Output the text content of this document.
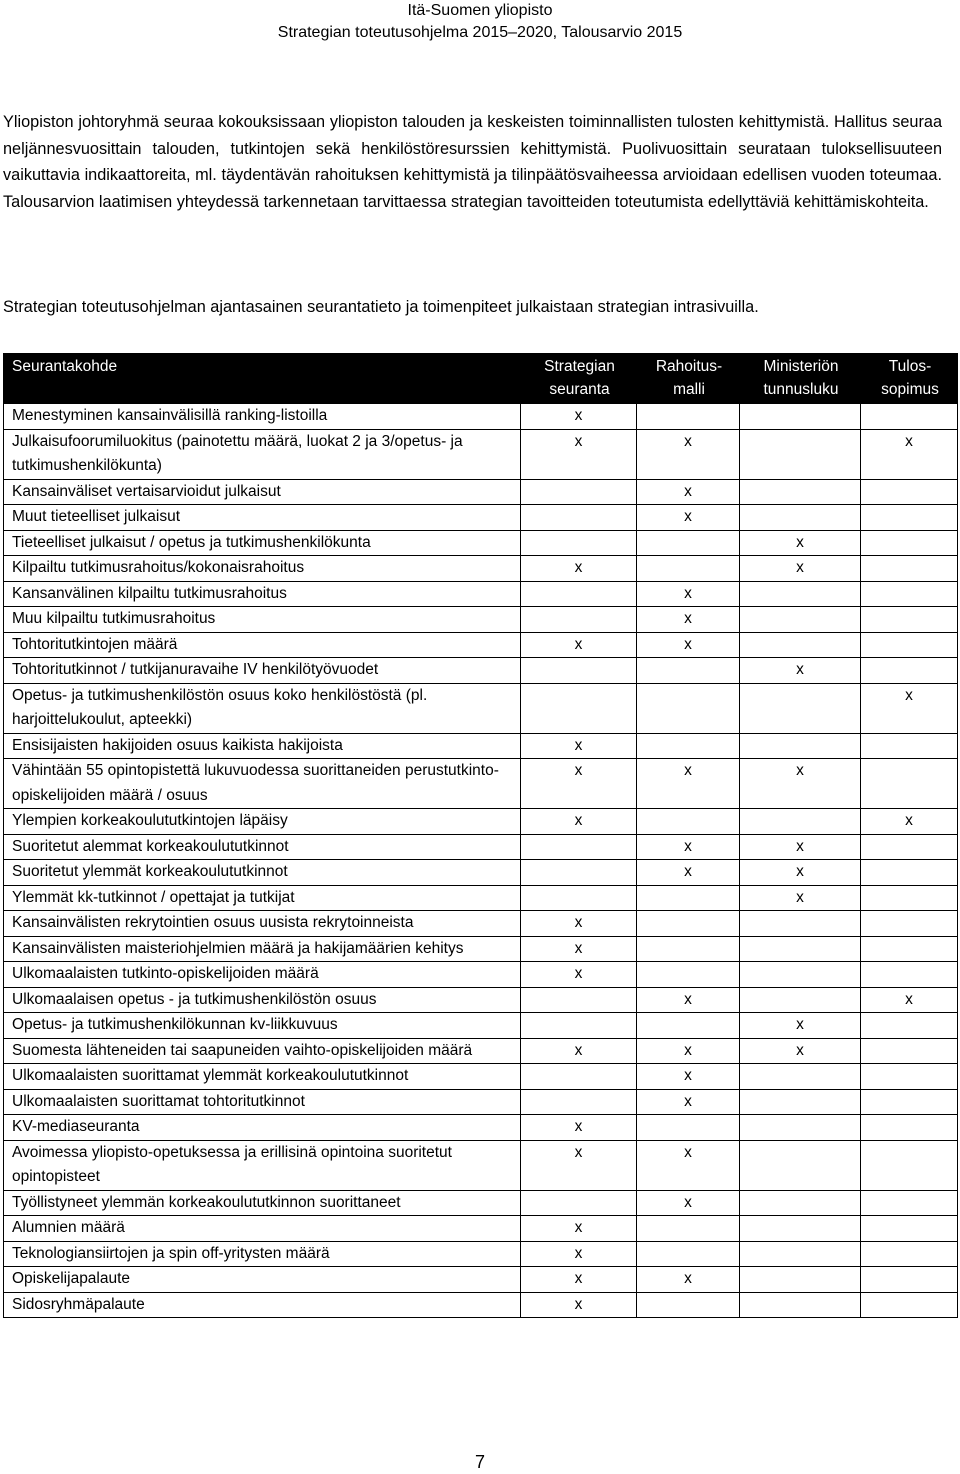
Itä-Suomen yliopisto
Strategian toteutusohjelma 2015–2020, Talousarvio 2015

Yliopiston johtoryhmä seuraa kokouksissaan yliopiston talouden ja keskeisten toiminnallisten tulosten kehittymistä. Hallitus seuraa neljännesvuosittain talouden, tutkintojen sekä henkilöstöresurssien kehittymistä. Puolivuosittain seurataan tuloksellisuuteen vaikuttavia indikaattoreita, ml. täydentävän rahoituksen kehittymistä ja tilinpäätösvaiheessa arvioidaan edellisen vuoden toteumaa. Talousarvion laatimisen yhteydessä tarkennetaan tarvittaessa strategian tavoitteiden toteutumista edellyttäviä kehittämiskohteita.

Strategian toteutusohjelman ajantasainen seurantatieto ja toimenpiteet julkaistaan strategian intrasivuilla.

Seurantakohde	Strategian seuranta	Rahoitus-malli	Ministeriön tunnusluku	Tulos-sopimus
Menestyminen kansainvälisillä ranking-listoilla	x			
Julkaisufoorumiluokitus (painotettu määrä, luokat 2 ja 3/opetus- ja tutkimushenkilökunta)	x	x		x
Kansainväliset vertaisarvioidut julkaisut		x		
Muut tieteelliset julkaisut		x		
Tieteelliset julkaisut / opetus ja tutkimushenkilökunta			x	
Kilpailtu tutkimusrahoitus/kokonaisrahoitus	x		x	
Kansanvälinen kilpailtu tutkimusrahoitus		x		
Muu kilpailtu tutkimusrahoitus		x		
Tohtoritutkintojen määrä	x	x		
Tohtoritutkinnot / tutkijanuravaihe IV henkilötyövuodet			x	
Opetus- ja tutkimushenkilöstön osuus koko henkilöstöstä (pl. harjoittelukoulut, apteekki)				x
Ensisijaisten hakijoiden osuus kaikista hakijoista	x			
Vähintään 55 opintopistettä lukuvuodessa suorittaneiden perustutkinto-opiskelijoiden määrä / osuus	x	x	x	
Ylempien korkeakoulututkintojen läpäisy	x			x
Suoritetut alemmat korkeakoulututkinnot		x	x	
Suoritetut ylemmät korkeakoulututkinnot		x	x	
Ylemmät kk-tutkinnot / opettajat ja tutkijat			x	
Kansainvälisten rekrytointien osuus uusista rekrytoinneista	x			
Kansainvälisten maisteriohjelmien määrä ja hakijamäärien kehitys	x			
Ulkomaalaisten tutkinto-opiskelijoiden määrä	x			
Ulkomaalaisen opetus - ja tutkimushenkilöstön osuus		x		x
Opetus- ja tutkimushenkilökunnan kv-liikkuvuus			x	
Suomesta lähteneiden tai saapuneiden vaihto-opiskelijoiden määrä	x	x	x	
Ulkomaalaisten suorittamat ylemmät korkeakoulututkinnot		x		
Ulkomaalaisten suorittamat tohtoritutkinnot		x		
KV-mediaseuranta	x			
Avoimessa yliopisto-opetuksessa ja erillisinä opintoina suoritetut opintopisteet	x	x		
Työllistyneet ylemmän korkeakoulututkinnon suorittaneet		x		
Alumnien määrä	x			
Teknologiansiirtojen ja spin off-yritysten määrä	x			
Opiskelijapalaute	x	x		
Sidosryhmäpalaute	x			
7
